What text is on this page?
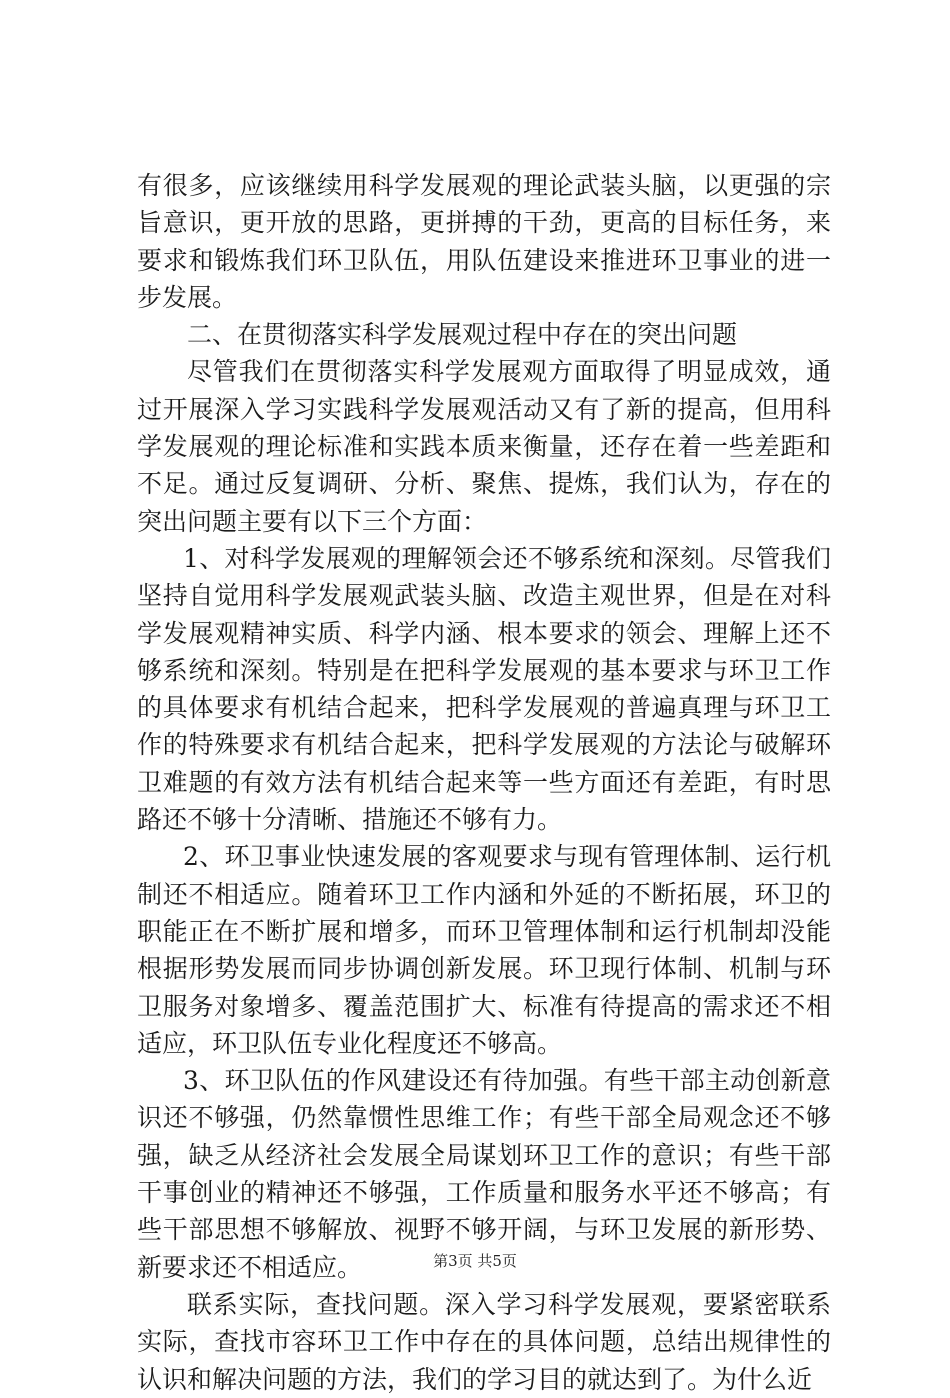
有很多，应该继续用科学发展观的理论武装头脑，以更强的宗旨意识，更开放的思路，更拼搏的干劲，更高的目标任务，来要求和锻炼我们环卫队伍，用队伍建设来推进环卫事业的进一步发展。

二、在贯彻落实科学发展观过程中存在的突出问题

尽管我们在贯彻落实科学发展观方面取得了明显成效，通过开展深入学习实践科学发展观活动又有了新的提高，但用科学发展观的理论标准和实践本质来衡量，还存在着一些差距和不足。通过反复调研、分析、聚焦、提炼，我们认为，存在的突出问题主要有以下三个方面：

1、对科学发展观的理解领会还不够系统和深刻。尽管我们坚持自觉用科学发展观武装头脑、改造主观世界，但是在对科学发展观精神实质、科学内涵、根本要求的领会、理解上还不够系统和深刻。特别是在把科学发展观的基本要求与环卫工作的具体要求有机结合起来，把科学发展观的普遍真理与环卫工作的特殊要求有机结合起来，把科学发展观的方法论与破解环卫难题的有效方法有机结合起来等一些方面还有差距，有时思路还不够十分清晰、措施还不够有力。

2、环卫事业快速发展的客观要求与现有管理体制、运行机制还不相适应。随着环卫工作内涵和外延的不断拓展，环卫的职能正在不断扩展和增多，而环卫管理体制和运行机制却没能根据形势发展而同步协调创新发展。环卫现行体制、机制与环卫服务对象增多、覆盖范围扩大、标准有待提高的需求还不相适应，环卫队伍专业化程度还不够高。

3、环卫队伍的作风建设还有待加强。有些干部主动创新意识还不够强，仍然靠惯性思维工作；有些干部全局观念还不够强，缺乏从经济社会发展全局谋划环卫工作的意识；有些干部干事创业的精神还不够强，工作质量和服务水平还不够高；有些干部思想不够解放、视野不够开阔，与环卫发展的新形势、新要求还不相适应。

联系实际，查找问题。深入学习科学发展观，要紧密联系实际，查找市容环卫工作中存在的具体问题，总结出规律性的认识和解决问题的方法，我们的学习目的就达到了。为什么近

第3页 共5页
